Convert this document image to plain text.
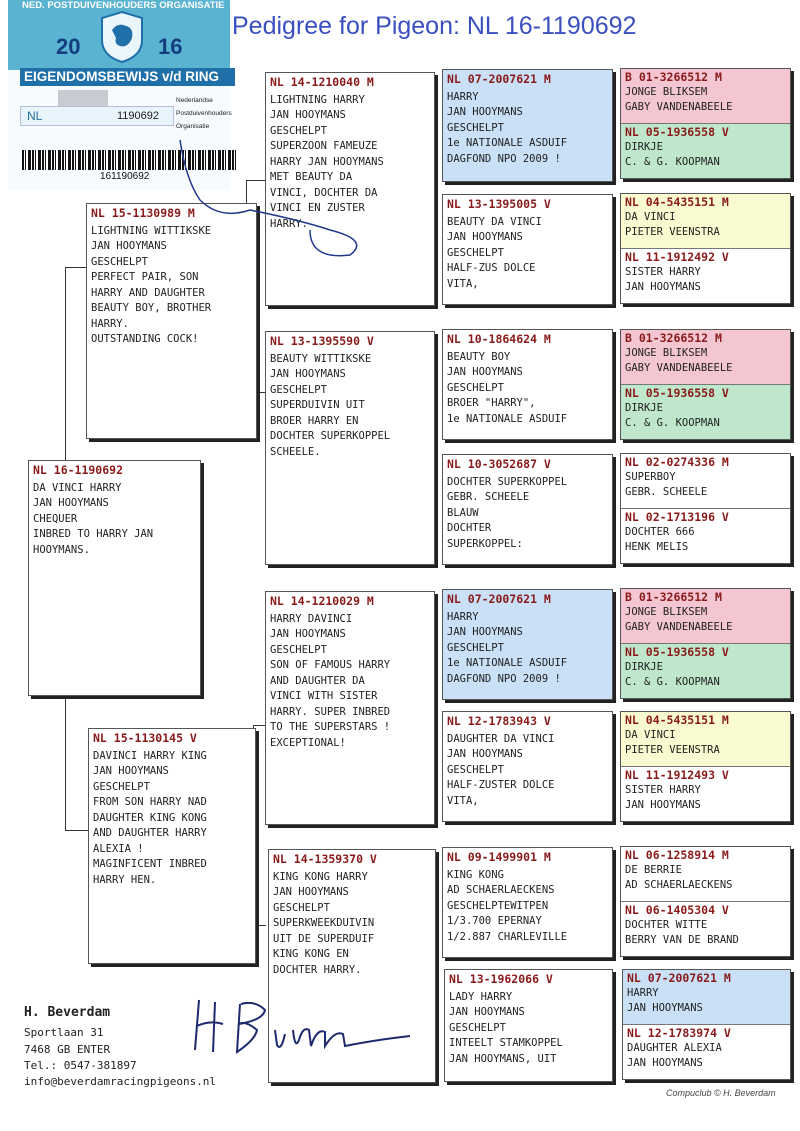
Pedigree for Pigeon: NL 16-1190692
NED. POSTDUIVENHOUDERS ORGANISATIE
20	16
EIGENDOMSBEWIJS v/d RING
NL	1190692
Nederlandse
Postduivenhouders
Organisatie
161190692
NL 16-1190692
DA VINCI HARRY
JAN HOOYMANS
CHEQUER
INBRED TO HARRY JAN
HOOYMANS.
NL 15-1130989 M
LIGHTNING WITTIKSKE
JAN HOOYMANS
GESCHELPT
PERFECT PAIR, SON
HARRY AND DAUGHTER
BEAUTY BOY, BROTHER
HARRY.
OUTSTANDING COCK!
NL 15-1130145 V
DAVINCI HARRY KING
JAN HOOYMANS
GESCHELPT
FROM SON HARRY NAD
DAUGHTER KING KONG
AND DAUGHTER HARRY
ALEXIA !
MAGINFICENT INBRED
HARRY HEN.
NL 14-1210040 M
LIGHTNING HARRY
JAN HOOYMANS
GESCHELPT
SUPERZOON FAMEUZE
HARRY JAN HOOYMANS
MET BEAUTY DA
VINCI, DOCHTER DA
VINCI EN ZUSTER
HARRY.
NL 13-1395590 V
BEAUTY WITTIKSKE
JAN HOOYMANS
GESCHELPT
SUPERDUIVIN UIT
BROER HARRY EN
DOCHTER SUPERKOPPEL
SCHEELE.
NL 14-1210029 M
HARRY DAVINCI
JAN HOOYMANS
GESCHELPT
SON OF FAMOUS HARRY
AND DAUGHTER DA
VINCI WITH SISTER
HARRY. SUPER INBRED
TO THE SUPERSTARS !
EXCEPTIONAL!
NL 14-1359370 V
KING KONG HARRY
JAN HOOYMANS
GESCHELPT
SUPERKWEEKDUIVIN
UIT DE SUPERDUIF
KING KONG EN
DOCHTER HARRY.
NL 07-2007621 M
HARRY
JAN HOOYMANS
GESCHELPT
1e NATIONALE ASDUIF
DAGFOND NPO 2009 !
NL 13-1395005 V
BEAUTY DA VINCI
JAN HOOYMANS
GESCHELPT
HALF-ZUS DOLCE
VITA,
NL 10-1864624 M
BEAUTY BOY
JAN HOOYMANS
GESCHELPT
BROER "HARRY",
1e NATIONALE ASDUIF
NL 10-3052687 V
DOCHTER SUPERKOPPEL
GEBR. SCHEELE
BLAUW
DOCHTER
SUPERKOPPEL:
NL 07-2007621 M
HARRY
JAN HOOYMANS
GESCHELPT
1e NATIONALE ASDUIF
DAGFOND NPO 2009 !
NL 12-1783943 V
DAUGHTER DA VINCI
JAN HOOYMANS
GESCHELPT
HALF-ZUSTER DOLCE
VITA,
NL 09-1499901 M
KING KONG
AD SCHAERLAECKENS
GESCHELPTEWITPEN
1/3.700 EPERNAY
1/2.887 CHARLEVILLE
NL 13-1962066 V
LADY HARRY
JAN HOOYMANS
GESCHELPT
INTEELT STAMKOPPEL
JAN HOOYMANS, UIT
B 01-3266512 M
JONGE BLIKSEM
GABY VANDENABEELE
NL 05-1936558 V
DIRKJE
C. & G. KOOPMAN
NL 04-5435151 M
DA VINCI
PIETER VEENSTRA
NL 11-1912492 V
SISTER HARRY
JAN HOOYMANS
B 01-3266512 M
JONGE BLIKSEM
GABY VANDENABEELE
NL 05-1936558 V
DIRKJE
C. & G. KOOPMAN
NL 02-0274336 M
SUPERBOY
GEBR. SCHEELE
NL 02-1713196 V
DOCHTER 666
HENK MELIS
B 01-3266512 M
JONGE BLIKSEM
GABY VANDENABEELE
NL 05-1936558 V
DIRKJE
C. & G. KOOPMAN
NL 04-5435151 M
DA VINCI
PIETER VEENSTRA
NL 11-1912493 V
SISTER HARRY
JAN HOOYMANS
NL 06-1258914 M
DE BERRIE
AD SCHAERLAECKENS
NL 06-1405304 V
DOCHTER WITTE
BERRY VAN DE BRAND
NL 07-2007621 M
HARRY
JAN HOOYMANS
NL 12-1783974 V
DAUGHTER ALEXIA
JAN HOOYMANS
H. Beverdam
Sportlaan 31
7468 GB ENTER
Tel.: 0547-381897
info@beverdamracingpigeons.nl
Compuclub © H. Beverdam
